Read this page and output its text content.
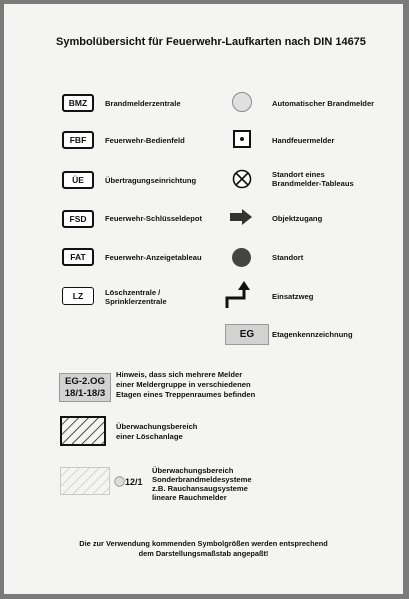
Symbolübersicht für Feuerwehr-Laufkarten nach DIN 14675
BMZ	Brandmelderzentrale
FBF	Feuerwehr-Bedienfeld
ÜE	Übertragungseinrichtung
FSD	Feuerwehr-Schlüsseldepot
FAT	Feuerwehr-Anzeigetableau
LZ	Löschzentrale /
Sprinklerzentrale
Automatischer Brandmelder
Handfeuermelder
Standort eines
Brandmelder-Tableaus
Objektzugang
Standort
Einsatzweg
EG	Etagenkennzeichnung
EG-2.OG
18/1-18/3
Hinweis, dass sich mehrere Melder
einer Meldergruppe in verschiedenen
Etagen eines Treppenraumes befinden
Überwachungsbereich
einer Löschanlage
12/1
Überwachungsbereich
Sonderbrandmeldesysteme
z.B. Rauchansaugsysteme
lineare Rauchmelder
Die zur Verwendung kommenden Symbolgrößen werden entsprechend
dem Darstellungsmaßstab angepaßt!
